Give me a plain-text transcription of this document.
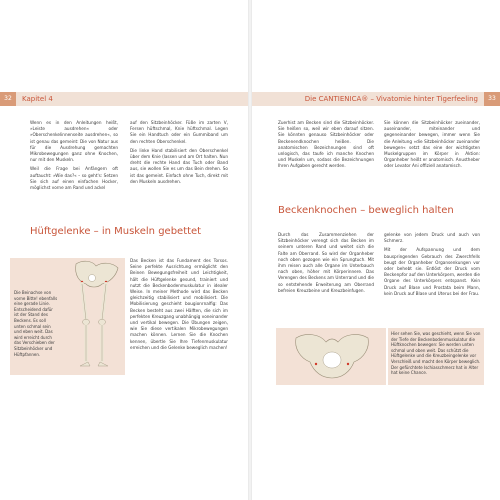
32	Kapitel 4

Wenn es in den Anleitungen heißt, »Leiste ausdrehen« oder »Oberschenkelinnenseite ausdrehen«, so ist genau das gemeint: Die von Natur aus für die Ausdrehung gemachten Mikrobewegungen ganz ohne Knochen, nur mit den Muskeln.

Weil die Frage bei Anfängern oft auftaucht: »Wie das?« – so geht's: Setzen Sie sich auf einen einfachen Hocker, möglichst vorne am Rand und ackel

auf den Sitzbeinhöcker. Füße im zarten V, Fersen hüftschmal, Knie hüftschmal. Legen Sie ein Handtuch oder ein Gummiband um den rechten Oberschenkel.

Die linke Hand stabilisiert den Oberschenkel über dem Knie (lassen und am Ort halten. Nun dreht die rechte Hand das Tuch oder Band aus, sie wollen Sie es um das Bein drehen. So ist das gemeint. Einfach ohne Tuch, direkt mit den Muskeln ausdrehen.

Hüftgelenke – in Muskeln gebettet
Die Beinachse von vorne Bitte! ebenfalls eine gerade Linie. Entscheidend dafür ist der Stand des Beckens. Es soll unten schmal sein und eben weit. Das wird erreicht durch das Verschieben der Sitzbeinhöcker und Hüftpfannen.

Das Becken ist das Fundament des Torsos. Seine perfekte Ausrichtung ermöglicht den Beinen Bewegungsfreiheit und Leichtigkeit, hält die Hüftgelenke gesund, trainiert und nutzt die Beckenbodenmuskulatur in idealer Weise. In meiner Methode wird das Becken gleichzeitig stabilisiert und mobilisiert. Die Mobilisierung geschieht bougionrnalfig: Das Becken besteht aus zwei Hälften, die sich im perfekten Kreuzgang unabhängig voneinander und vertikal bewegen. Die Übungen zeigen, wie Sie diese vertikalen Mikrobewegungen machen können. Lernen Sie die Knochen kennen, übertle Sie Ihre Tiefenmuskulatur erreichen und die Gelenke beweglich machen!

Die CANTIENICA® – Vivatomie hinter Tigerfeeling	33

Zuerhist am Becken sind die Sitzbeinhöcker. Sie heißen so, weil wir eben darauf sitzen. Sie könnten genauso Sitzbeinhöcker oder Beckenendknochen heißen. Die anatomischen Bezeichnungen sind oft unlogisch, das taufe ich manche Knochen und Muskeln um, sodass die Bezeichnungen Ihren Aufgaben gerecht werden.

Sie können die Sitzbeinhöcker zueinander, auseinander, miteinander und gegeneinander bewegen, immer wenn Sie die Anleitung »die Sitzbeinhöcker zueinander bewegen« setzt das eine der wichtigsten Muskelgruppen im Körper in Aktion: Organheber heißt er anatomisch. Anustheber oder Levator Ani offiziell anatomisch.

Beckenknochen – beweglich halten

Durch das Zusammenziehen der Sitzbeinhöcker verengt sich das Becken im seinem unteren Rand und weitet sich die Falte am Oberrand. So wird der Organheber noch oben gezogen wie ein Sprungtuch. Mit ihm reisen auch alle Organe im Unterbauch nach oben, höher mit Körperinnere. Das Verengen des Beckens am Unterrand und die so entstehende Erweiterung am Oberrand befreien Kreuzbeine und Kreuzbeinfugen.

gelenke von jedem Druck und auch von Schmerz.

Mit der Aufspannung und dem bauspringenden Gebrauch des Zwerchfells beugt der Organheber Organsenkungen vor oder behebt sie. Entlöst der Druck vom Beckenpfor auf den Unterkörpern, werden die Organe des Unterkörpers entspanst. Kein Druck auf Blase und Prostata beim Mann, kein Druck auf Blase und Uterus bei der Frau.

Hier sehen Sie, was geschieht, wenn Sie von der Tiefe der Beckenbodenmuskulatur die Hüftknochen bewegen: Sie werden unten schmal und oben weit. Das schützt die Hüftgelenke und die Kreuzbeingelenke vor Verschleiß und macht den Körper beweglich. Der gefürchtete Ischiasschmerz hat in Alter hat keine Chance.
